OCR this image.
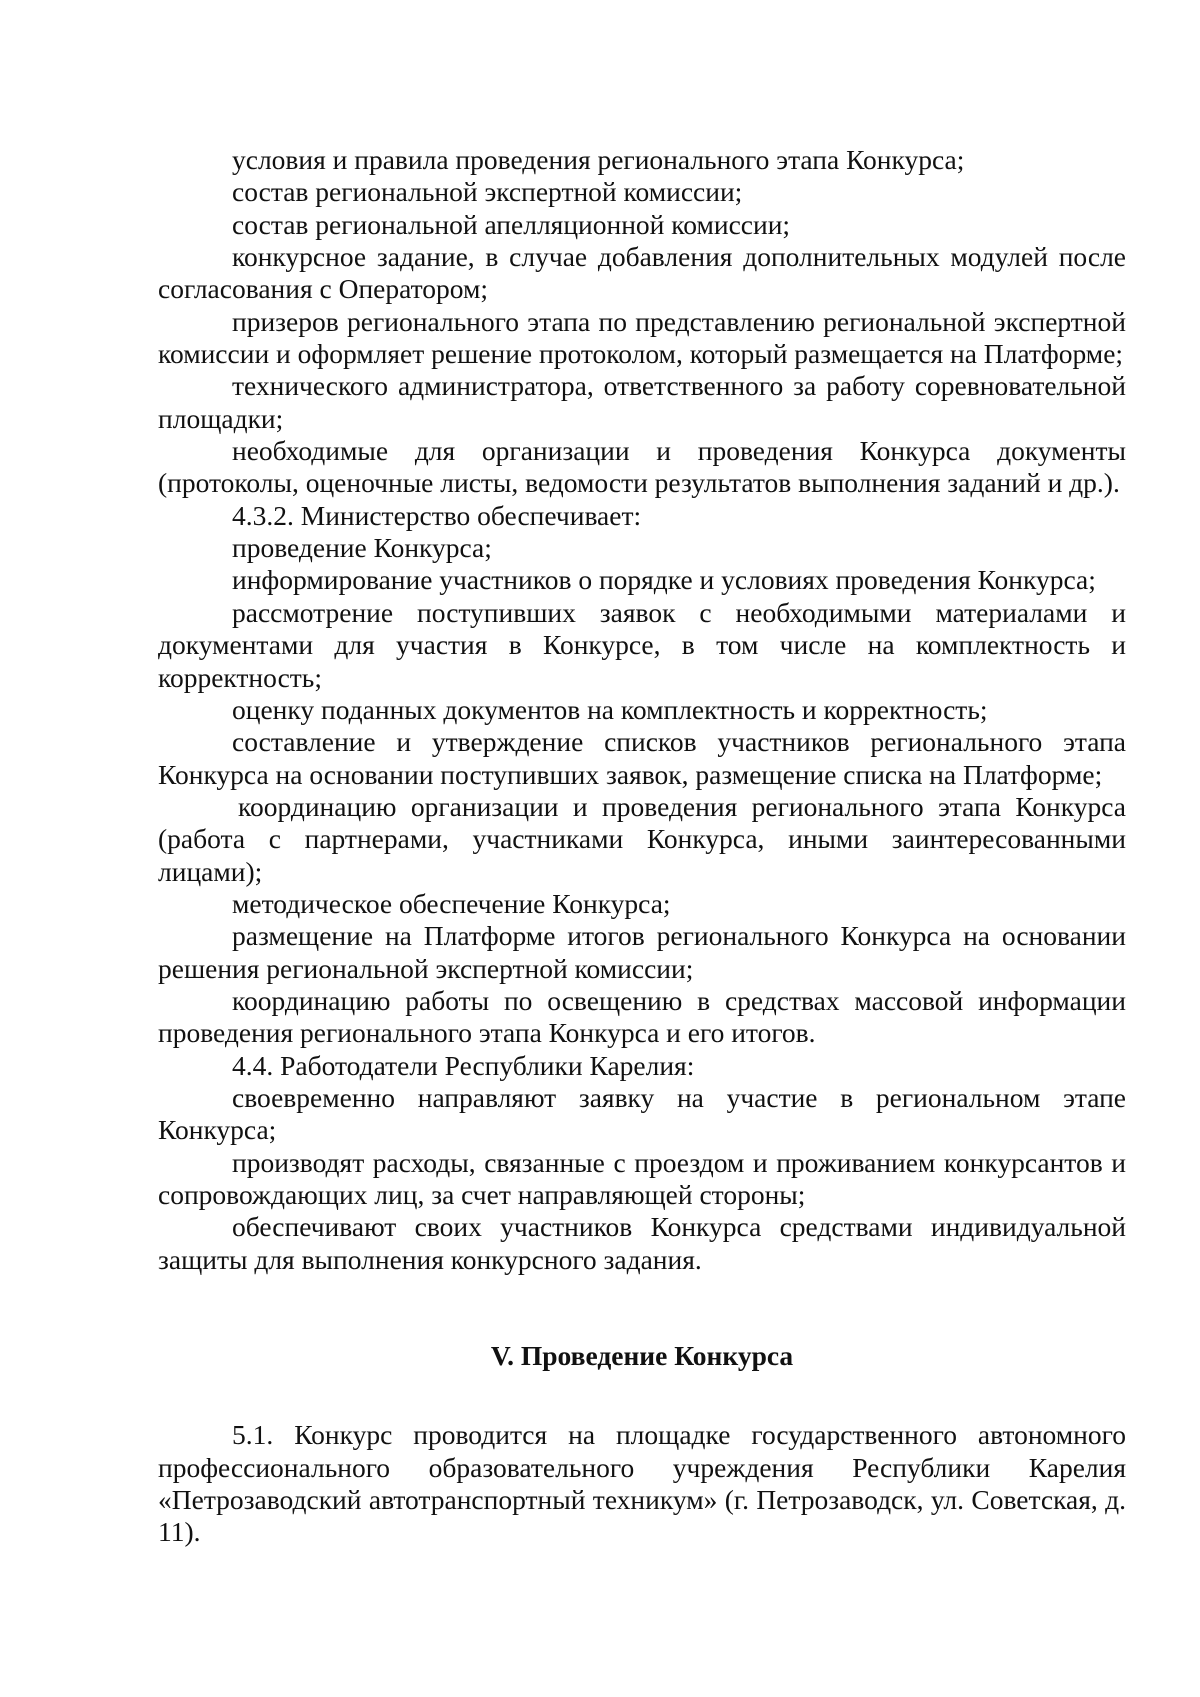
условия и правила проведения регионального этапа Конкурса;

состав региональной экспертной комиссии;

состав региональной апелляционной комиссии;

конкурсное задание, в случае добавления дополнительных модулей после согласования с Оператором;

призеров регионального этапа по представлению региональной экспертной комиссии и оформляет решение протоколом, который размещается на Платформе;

технического администратора, ответственного за работу соревновательной площадки;

необходимые для организации и проведения Конкурса документы (протоколы, оценочные листы, ведомости результатов выполнения заданий и др.).

4.3.2. Министерство обеспечивает:

проведение Конкурса;

информирование участников о порядке и условиях проведения Конкурса;

рассмотрение поступивших заявок с необходимыми материалами и документами для участия в Конкурсе, в том числе на комплектность и корректность;

оценку поданных документов на комплектность и корректность;

составление и утверждение списков участников регионального этапа Конкурса на основании поступивших заявок, размещение списка на Платформе;

координацию организации и проведения регионального этапа Конкурса (работа с партнерами, участниками Конкурса, иными заинтересованными лицами);

методическое обеспечение Конкурса;

размещение на Платформе итогов регионального Конкурса на основании решения региональной экспертной комиссии;

координацию работы по освещению в средствах массовой информации проведения регионального этапа Конкурса и его итогов.

4.4. Работодатели Республики Карелия:

своевременно направляют заявку на участие в региональном этапе Конкурса;

производят расходы, связанные с проездом и проживанием конкурсантов и сопровождающих лиц, за счет направляющей стороны;

обеспечивают своих участников Конкурса средствами индивидуальной защиты для выполнения конкурсного задания.

V. Проведение Конкурса

5.1. Конкурс проводится на площадке государственного автономного профессионального образовательного учреждения Республики Карелия «Петрозаводский автотранспортный техникум» (г. Петрозаводск, ул. Советская, д. 11).
